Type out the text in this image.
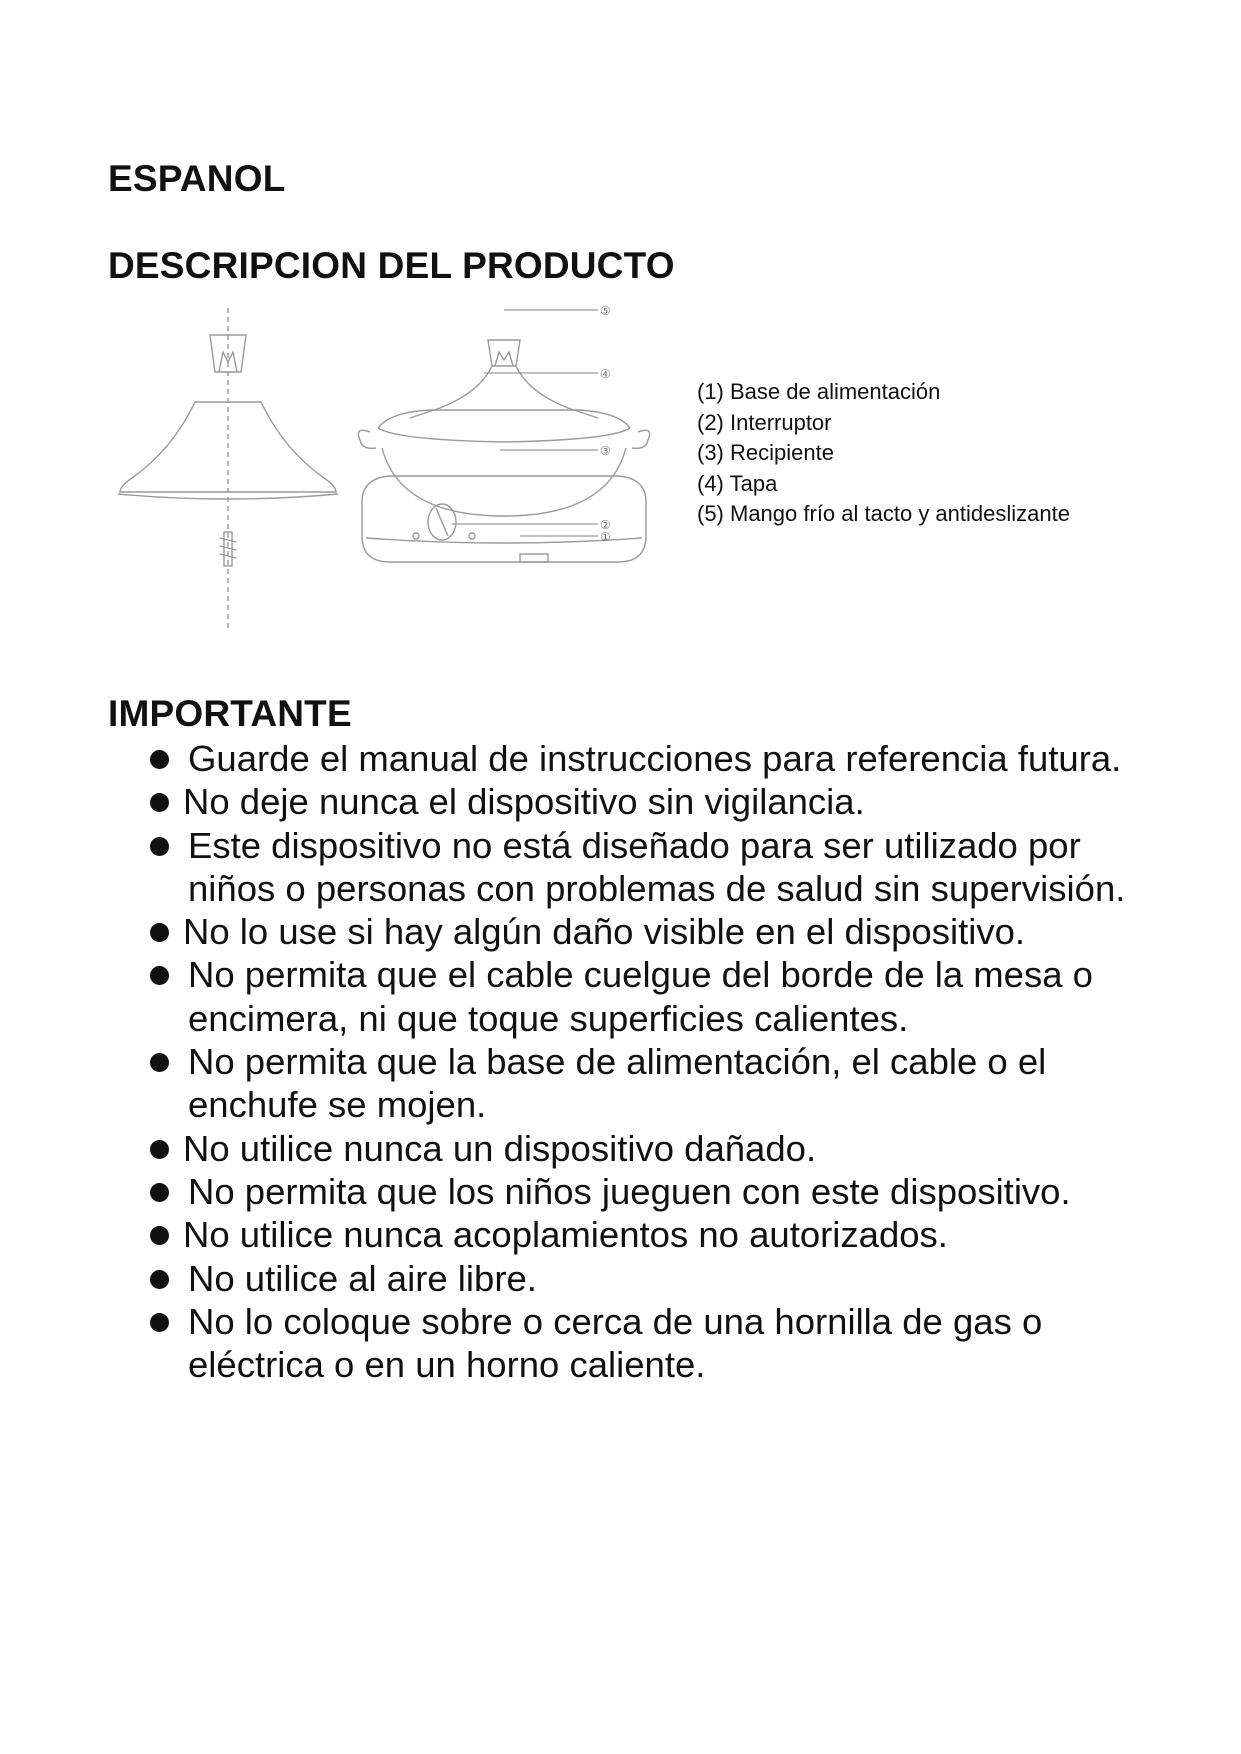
ESPANOL
DESCRIPCION DEL PRODUCTO
⑤
④
③
②
①
(1) Base de alimentación
(2) Interruptor
(3) Recipiente
(4) Tapa
(5) Mango frío al tacto y antideslizante
IMPORTANTE
Guarde el manual de instrucciones para referencia futura.
No deje nunca el dispositivo sin vigilancia.
Este dispositivo no está diseñado para ser utilizado por niños o personas con problemas de salud sin supervisión.
No lo use si hay algún daño visible en el dispositivo.
No permita que el cable cuelgue del borde de la mesa o encimera, ni que toque superficies calientes.
No permita que la base de alimentación, el cable o el enchufe se mojen.
No utilice nunca un dispositivo dañado.
No permita que los niños jueguen con este dispositivo.
No utilice nunca acoplamientos no autorizados.
No utilice al aire libre.
No lo coloque sobre o cerca de una hornilla de gas o eléctrica o en un horno caliente.
